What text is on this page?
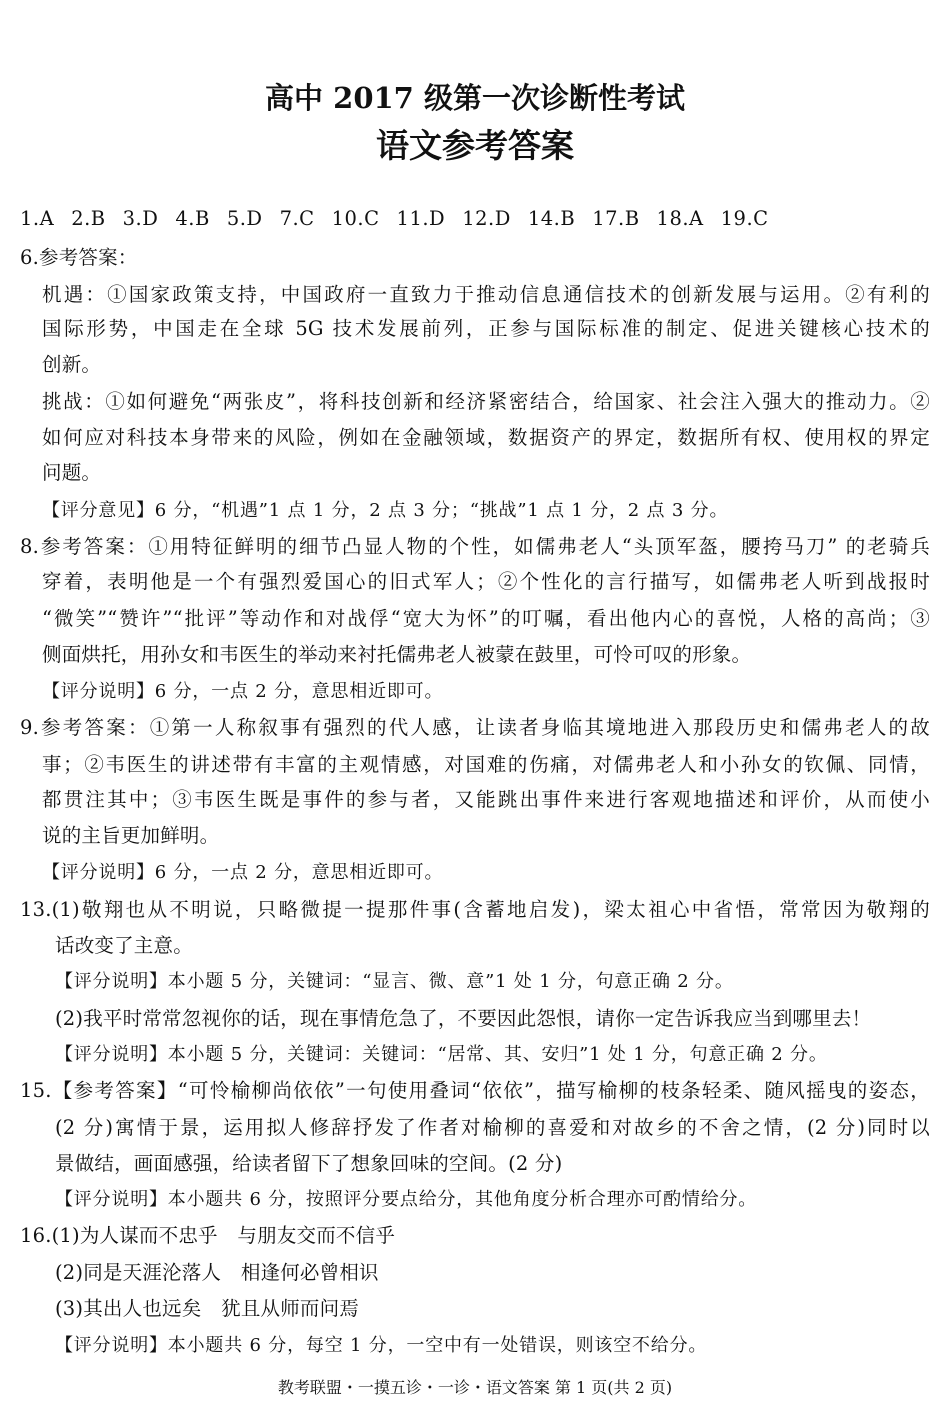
高中 2017 级第一次诊断性考试
语文参考答案
1.A 2.B 3.D 4.B 5.D 7.C 10.C 11.D 12.D 14.B 17.B 18.A 19.C
6.参考答案：
机遇：①国家政策支持，中国政府一直致力于推动信息通信技术的创新发展与运用。②有利的
国际形势，中国走在全球 5G 技术发展前列，正参与国际标准的制定、促进关键核心技术的
创新。
挑战：①如何避免“两张皮”，将科技创新和经济紧密结合，给国家、社会注入强大的推动力。②
如何应对科技本身带来的风险，例如在金融领域，数据资产的界定，数据所有权、使用权的界定
问题。
【评分意见】6 分，“机遇”1 点 1 分，2 点 3 分；“挑战”1 点 1 分，2 点 3 分。
8.参考答案：①用特征鲜明的细节凸显人物的个性，如儒弗老人“头顶军盔，腰挎马刀” 的老骑兵
穿着，表明他是一个有强烈爱国心的旧式军人；②个性化的言行描写，如儒弗老人听到战报时
“微笑”“赞许”“批评”等动作和对战俘“宽大为怀”的叮嘱，看出他内心的喜悦，人格的高尚；③
侧面烘托，用孙女和韦医生的举动来衬托儒弗老人被蒙在鼓里，可怜可叹的形象。
【评分说明】6 分，一点 2 分，意思相近即可。
9.参考答案：①第一人称叙事有强烈的代人感，让读者身临其境地进入那段历史和儒弗老人的故
事；②韦医生的讲述带有丰富的主观情感，对国难的伤痛，对儒弗老人和小孙女的钦佩、同情，
都贯注其中；③韦医生既是事件的参与者，又能跳出事件来进行客观地描述和评价，从而使小
说的主旨更加鲜明。
【评分说明】6 分，一点 2 分，意思相近即可。
13.(1)敬翔也从不明说，只略微提一提那件事(含蓄地启发)，梁太祖心中省悟，常常因为敬翔的
话改变了主意。
【评分说明】本小题 5 分，关键词：“显言、微、意”1 处 1 分，句意正确 2 分。
(2)我平时常常忽视你的话，现在事情危急了，不要因此怨恨，请你一定告诉我应当到哪里去！
【评分说明】本小题 5 分，关键词：关键词：“居常、其、安归”1 处 1 分，句意正确 2 分。
15.【参考答案】“可怜榆柳尚依依”一句使用叠词“依依”，描写榆柳的枝条轻柔、随风摇曳的姿态，
(2 分)寓情于景，运用拟人修辞抒发了作者对榆柳的喜爱和对故乡的不舍之情，(2 分)同时以
景做结，画面感强，给读者留下了想象回味的空间。(2 分)
【评分说明】本小题共 6 分，按照评分要点给分，其他角度分析合理亦可酌情给分。
16.(1)为人谋而不忠乎　与朋友交而不信乎
(2)同是天涯沦落人　相逢何必曾相识
(3)其出人也远矣　犹且从师而问焉
【评分说明】本小题共 6 分，每空 1 分，一空中有一处错误，则该空不给分。
教考联盟・一摸五诊・一诊・语文答案 第 1 页(共 2 页)
